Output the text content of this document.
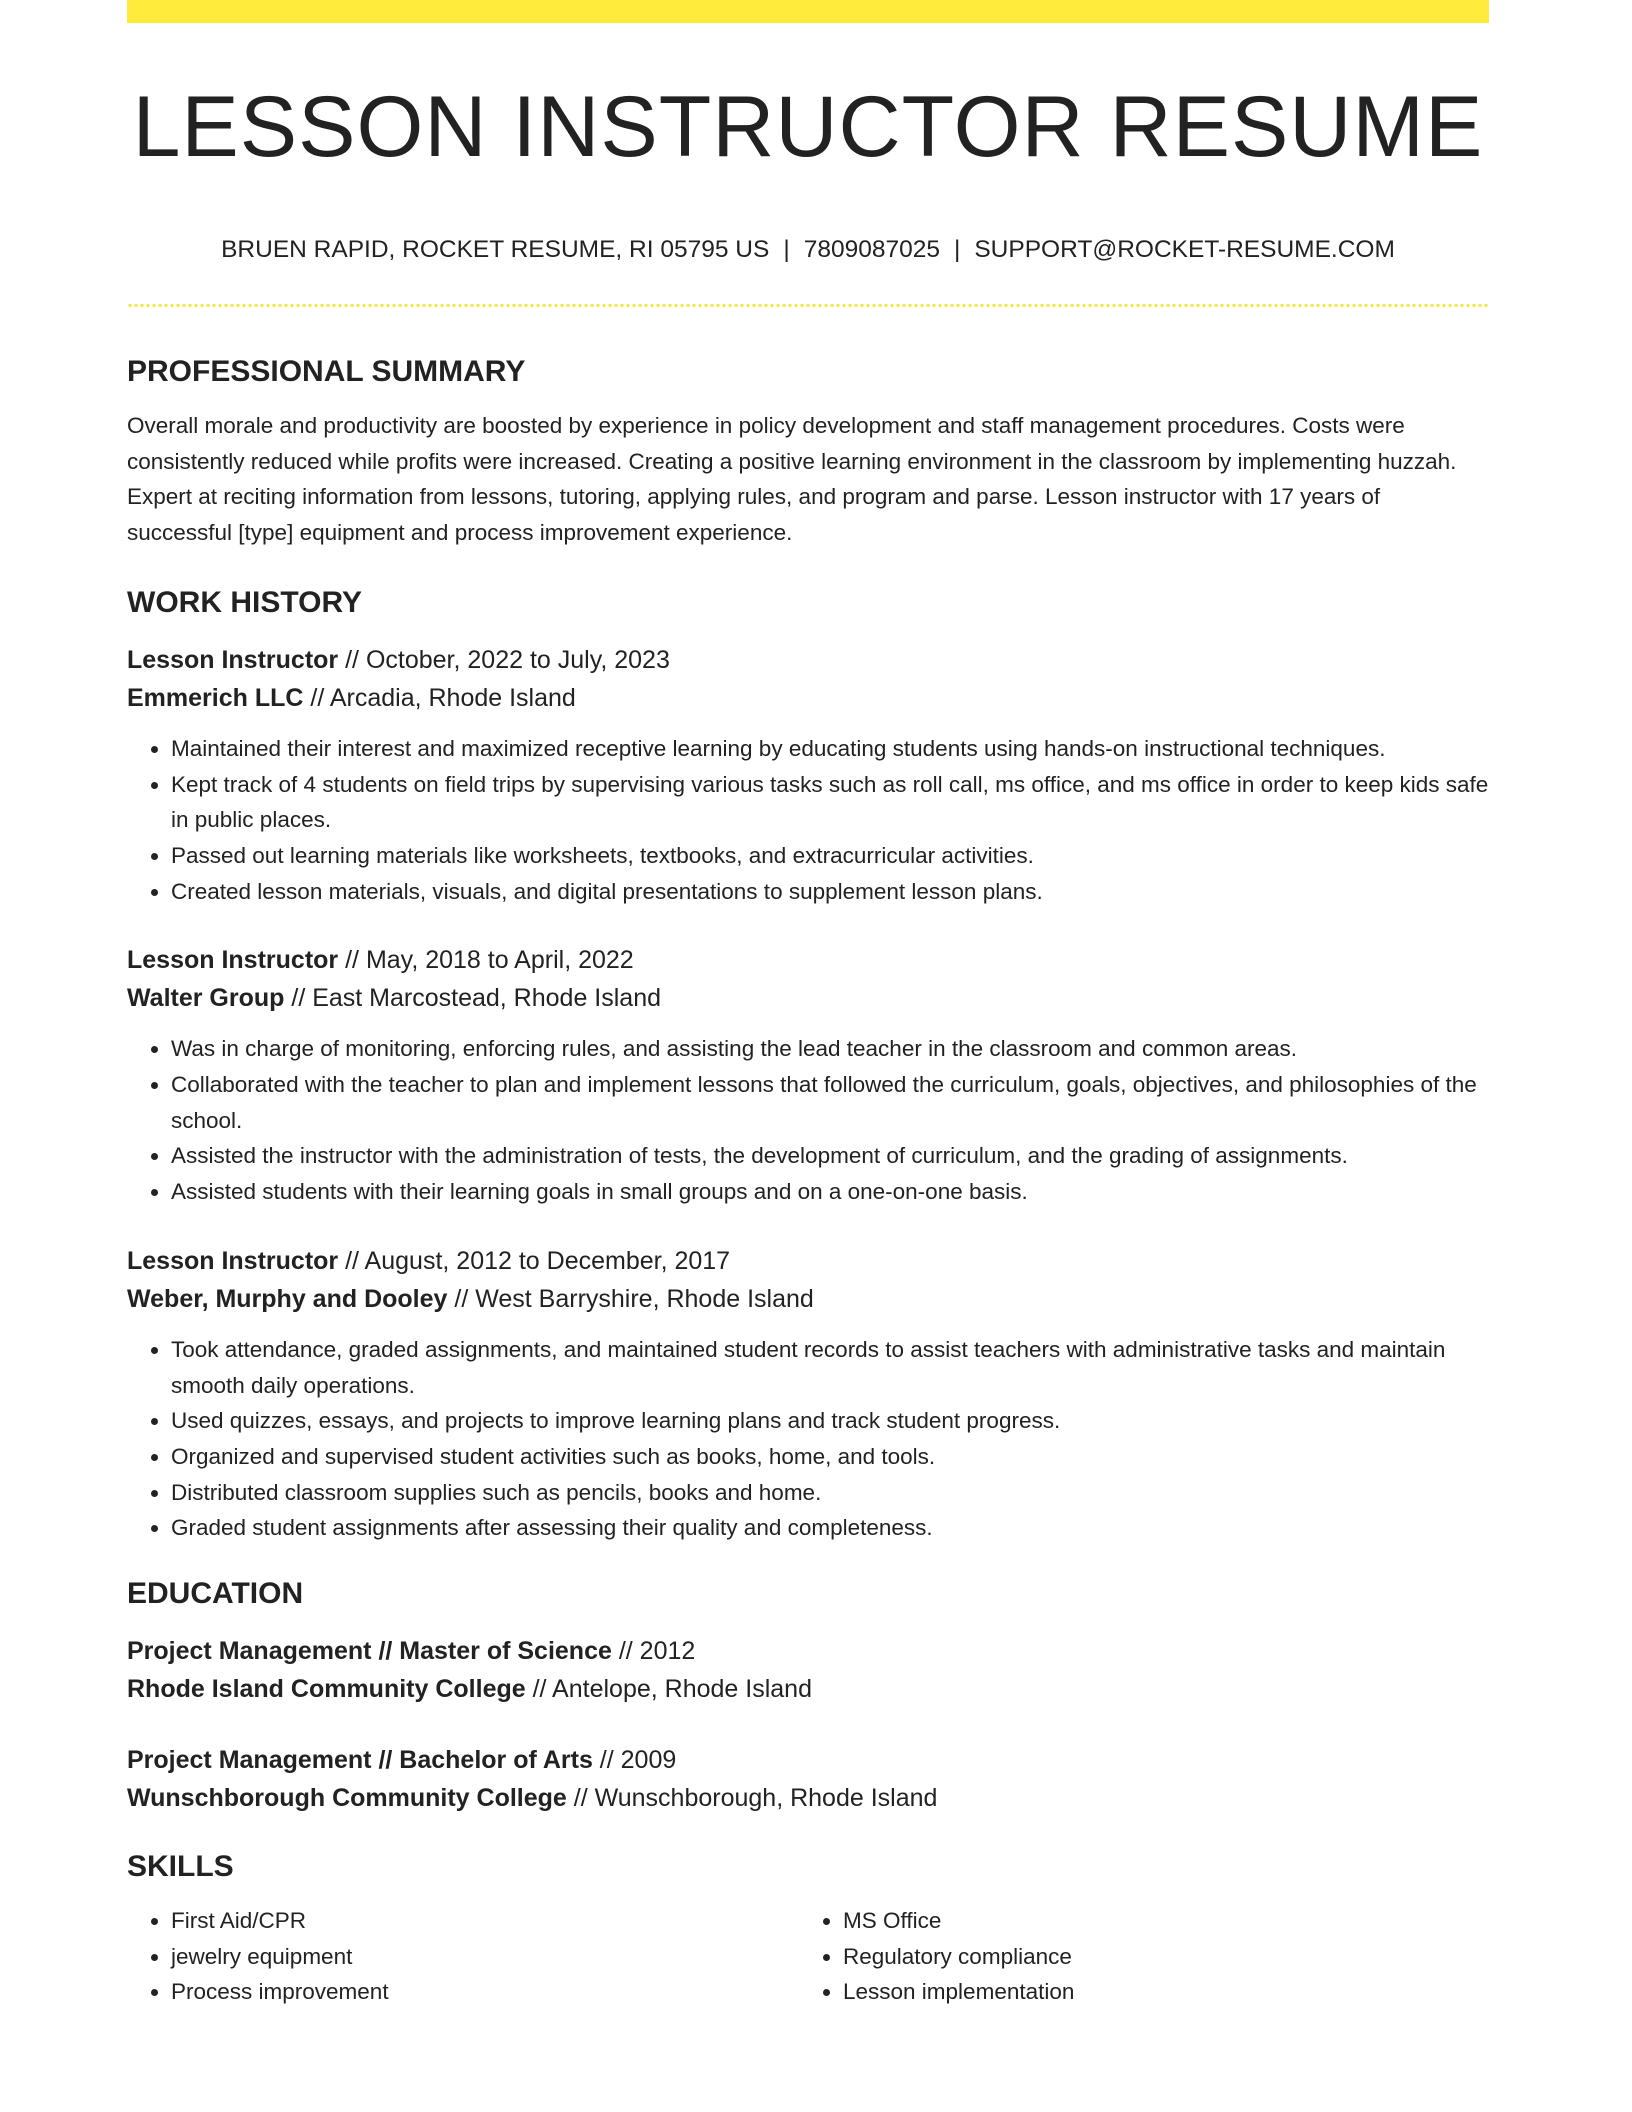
LESSON INSTRUCTOR RESUME
BRUEN RAPID, ROCKET RESUME, RI 05795 US | 7809087025 | SUPPORT@ROCKET-RESUME.COM
PROFESSIONAL SUMMARY

Overall morale and productivity are boosted by experience in policy development and staff management procedures. Costs were consistently reduced while profits were increased. Creating a positive learning environment in the classroom by implementing huzzah. Expert at reciting information from lessons, tutoring, applying rules, and program and parse. Lesson instructor with 17 years of successful [type] equipment and process improvement experience.

WORK HISTORY

Lesson Instructor // October, 2022 to July, 2023

Emmerich LLC // Arcadia, Rhode Island

• Maintained their interest and maximized receptive learning by educating students using hands-on instructional techniques.
• Kept track of 4 students on field trips by supervising various tasks such as roll call, ms office, and ms office in order to keep kids safe in public places.
• Passed out learning materials like worksheets, textbooks, and extracurricular activities.
• Created lesson materials, visuals, and digital presentations to supplement lesson plans.

Lesson Instructor // May, 2018 to April, 2022

Walter Group // East Marcostead, Rhode Island

• Was in charge of monitoring, enforcing rules, and assisting the lead teacher in the classroom and common areas.
• Collaborated with the teacher to plan and implement lessons that followed the curriculum, goals, objectives, and philosophies of the school.
• Assisted the instructor with the administration of tests, the development of curriculum, and the grading of assignments.
• Assisted students with their learning goals in small groups and on a one-on-one basis.

Lesson Instructor // August, 2012 to December, 2017

Weber, Murphy and Dooley // West Barryshire, Rhode Island

• Took attendance, graded assignments, and maintained student records to assist teachers with administrative tasks and maintain smooth daily operations.
• Used quizzes, essays, and projects to improve learning plans and track student progress.
• Organized and supervised student activities such as books, home, and tools.
• Distributed classroom supplies such as pencils, books and home.
• Graded student assignments after assessing their quality and completeness.
EDUCATION

Project Management // Master of Science // 2012

Rhode Island Community College // Antelope, Rhode Island

Project Management // Bachelor of Arts // 2009

Wunschborough Community College // Wunschborough, Rhode Island

SKILLS
• First Aid/CPR
• jewelry equipment
• Process improvement
• MS Office
• Regulatory compliance
• Lesson implementation
